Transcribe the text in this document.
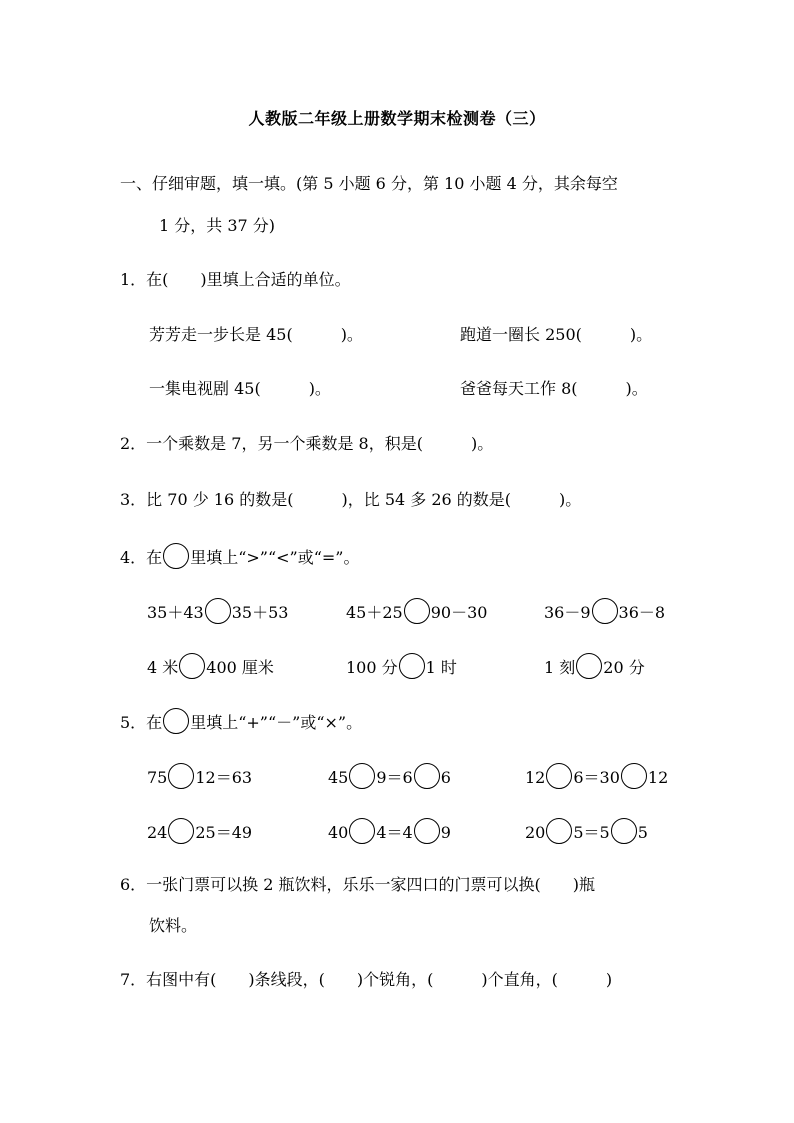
人教版二年级上册数学期末检测卷（三）
一、仔细审题，填一填。(第 5 小题 6 分，第 10 小题 4 分，其余每空
1 分，共 37 分)
1．在(　　)里填上合适的单位。
芳芳走一步长是 45(　　　)。	跑道一圈长 250(　　　)。
一集电视剧 45(　　　)。	爸爸每天工作 8(　　　)。
2．一个乘数是 7，另一个乘数是 8，积是(　　　)。
3．比 70 少 16 的数是(　　　)，比 54 多 26 的数是(　　　)。
4．在 里填上“>”“<”或“=”。
35＋43 35＋53	45＋25 90－30	36－9 36－8
4 米 400 厘米	100 分 1 时	1 刻 20 分
5．在 里填上“+”“－”或“×”。
75 12＝63	45 9＝6 6	12 6＝30 12
24 25＝49	40 4＝4 9	20 5＝5 5
6．一张门票可以换 2 瓶饮料，乐乐一家四口的门票可以换(　　)瓶
饮料。
7．右图中有(　　)条线段，(　　)个锐角，(　　　)个直角，(　　　)
